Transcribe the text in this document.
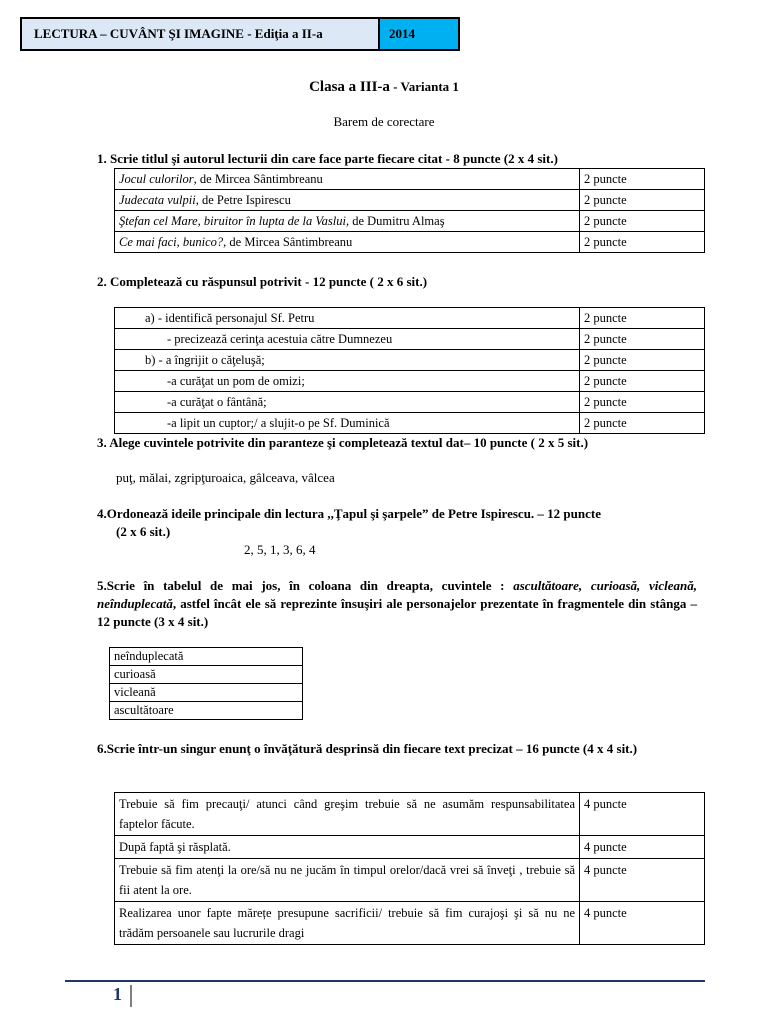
LECTURA – CUVÂNT ŞI IMAGINE - Ediţia a II-a	2014
Clasa a III-a - Varianta 1
Barem de corectare
1. Scrie titlul şi autorul lecturii din care face parte fiecare citat - 8 puncte (2 x 4 sit.)
Jocul culorilor, de Mircea Sântimbreanu	2 puncte
Judecata vulpii, de Petre Ispirescu	2 puncte
Ştefan cel Mare, biruitor în lupta de la Vaslui, de Dumitru Almaş	2 puncte
Ce mai faci, bunico?, de Mircea Sântimbreanu	2 puncte
2. Completează cu răspunsul potrivit - 12 puncte ( 2 x 6 sit.)
a) - identifică personajul Sf. Petru	2 puncte
- precizează cerinţa acestuia către Dumnezeu	2 puncte
b) - a îngrijit o căţeluşă;	2 puncte
-a curăţat un pom de omizi;	2 puncte
-a curăţat o fântână;	2 puncte
-a lipit un cuptor;/ a slujit-o pe Sf. Duminică	2 puncte
3. Alege cuvintele potrivite din paranteze şi completează textul dat– 10 puncte ( 2 x 5 sit.)
puţ, mălai, zgripţuroaica, gâlceava, vâlcea
4.Ordonează ideile principale din lectura ,,Ţapul şi şarpele” de Petre Ispirescu. – 12 puncte
(2 x 6 sit.)
2, 5, 1, 3, 6, 4
5.Scrie în tabelul de mai jos, în coloana din dreapta, cuvintele : ascultătoare, curioasă, vicleană, neînduplecată, astfel încât ele să reprezinte însuşiri ale personajelor prezentate în fragmentele din stânga – 12 puncte (3 x 4 sit.)
neînduplecată
curioasă
vicleană
ascultătoare
6.Scrie într-un singur enunţ o învăţătură desprinsă din fiecare text precizat – 16 puncte (4 x 4 sit.)
Trebuie să fim precauţi/ atunci când greşim trebuie să ne asumăm respunsabilitatea faptelor făcute.	4 puncte
După faptă şi răsplată.	4 puncte
Trebuie să fim atenţi la ore/să nu ne jucăm în timpul orelor/dacă vrei să înveţi , trebuie să fii atent la ore.	4 puncte
Realizarea unor fapte mărețe presupune sacrificii/ trebuie să fim curajoşi şi să nu ne trădăm persoanele sau lucrurile dragi	4 puncte
1
